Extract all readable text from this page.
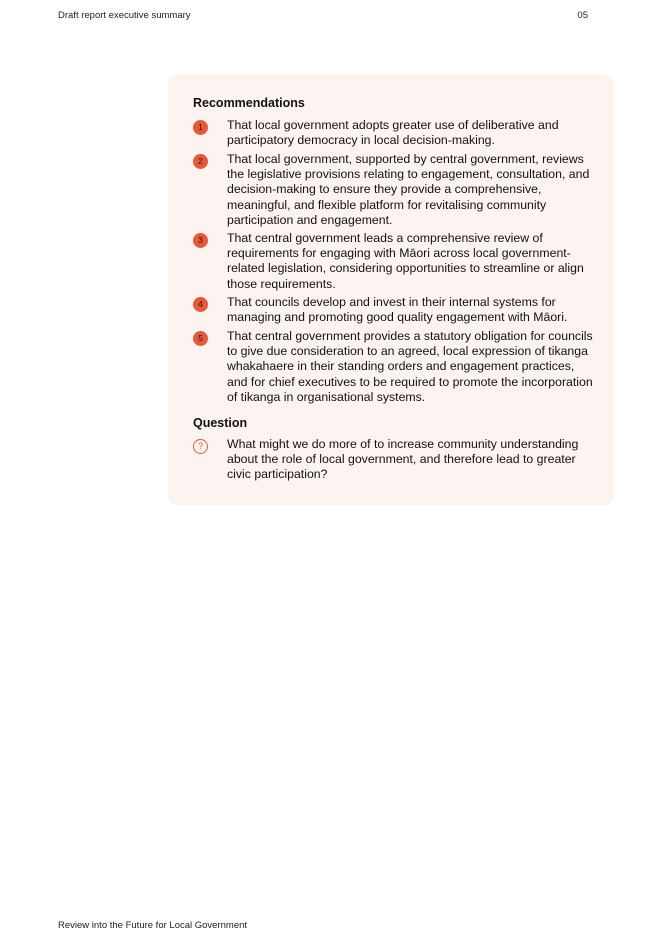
Draft report executive summary	05
Recommendations
1	That local government adopts greater use of deliberative and participatory democracy in local decision-making.
2	That local government, supported by central government, reviews the legislative provisions relating to engagement, consultation, and decision-making to ensure they provide a comprehensive, meaningful, and flexible platform for revitalising community participation and engagement.
3	That central government leads a comprehensive review of requirements for engaging with Māori across local government-related legislation, considering opportunities to streamline or align those requirements.
4	That councils develop and invest in their internal systems for managing and promoting good quality engagement with Māori.
5	That central government provides a statutory obligation for councils to give due consideration to an agreed, local expression of tikanga whakahaere in their standing orders and engagement practices, and for chief executives to be required to promote the incorporation of tikanga in organisational systems.
Question
?	What might we do more of to increase community understanding about the role of local government, and therefore lead to greater civic participation?
Review into the Future for Local Government
